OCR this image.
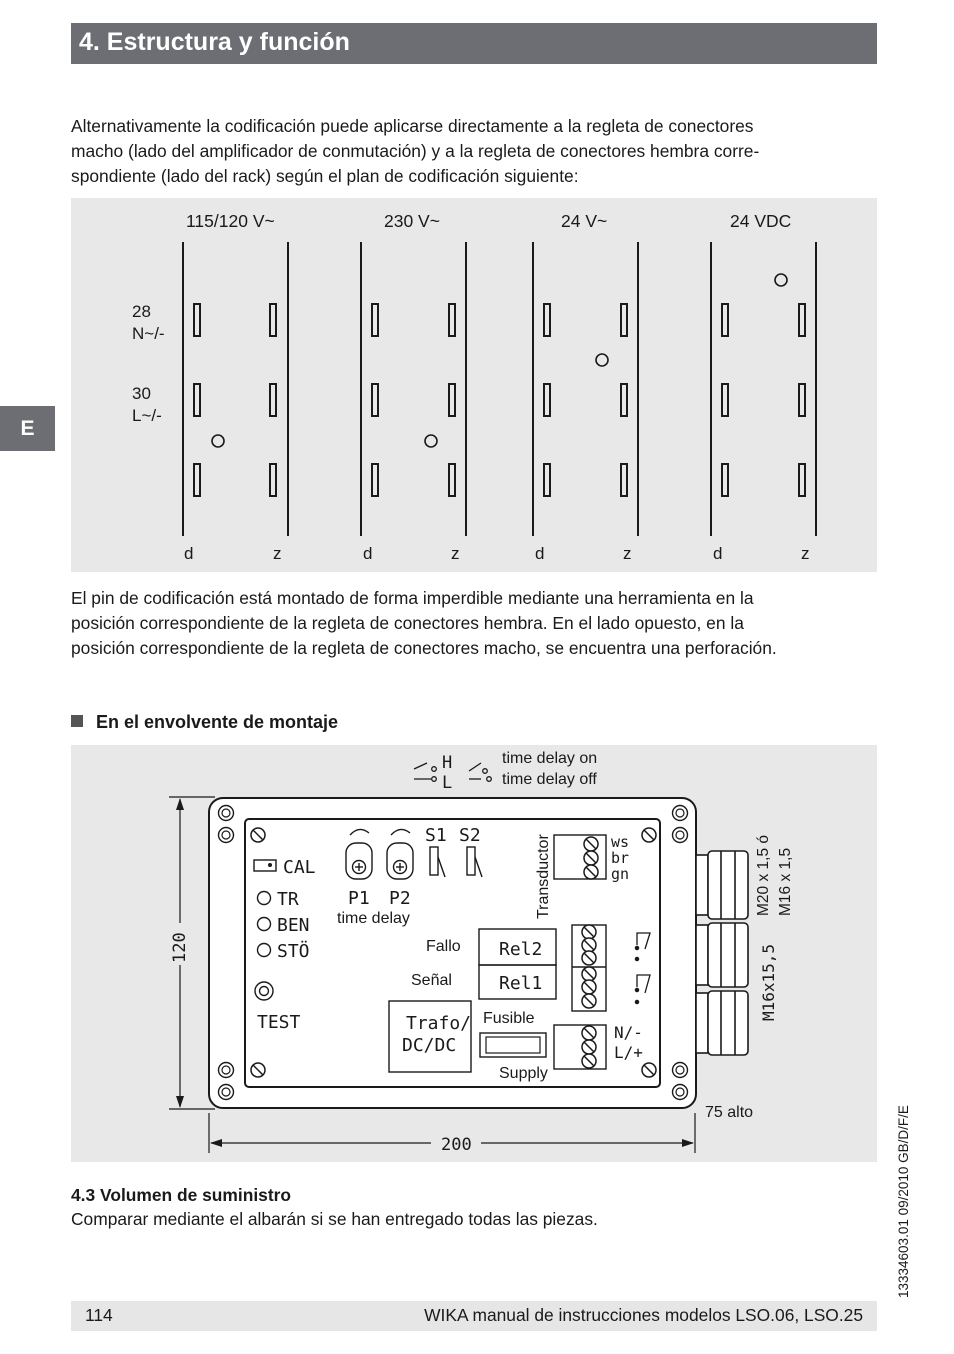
4. Estructura y función
E
Alternativamente la codificación puede aplicarse directamente a la regleta de conectores
macho (lado del amplificador de conmutación) y a la regleta de conectores hembra corre-
spondiente (lado del rack) según el plan de codificación siguiente:
115/120 V~	230 V~	24 V~	24 VDC
28
N~/-
30
L~/-
d	z	d	z	d	z	d	z
El pin de codificación está montado de forma imperdible mediante una herramienta en la
posición correspondiente de la regleta de conectores hembra. En el lado opuesto, en la
posición correspondiente de la regleta de conectores macho, se encuentra una perforación.
En el envolvente de montaje
H
L
time delay on
time delay off
CAL
TR
BEN
STÖ
TEST
P1 P2
time delay
S1 S2	Transductor	ws
br
gn
Fallo
Señal
Rel2
Rel1
Trafo/
DC/DC
Fusible
N/-
L/+
Supply
M20 x 1,5 ó M16 x 1,5
M16x15,5
120
200
75 alto
4.3 Volumen de suministro
Comparar mediante el albarán si se han entregado todas las piezas.
114	WIKA manual de instrucciones modelos LSO.06, LSO.25
13334603.01 09/2010 GB/D/F/E
